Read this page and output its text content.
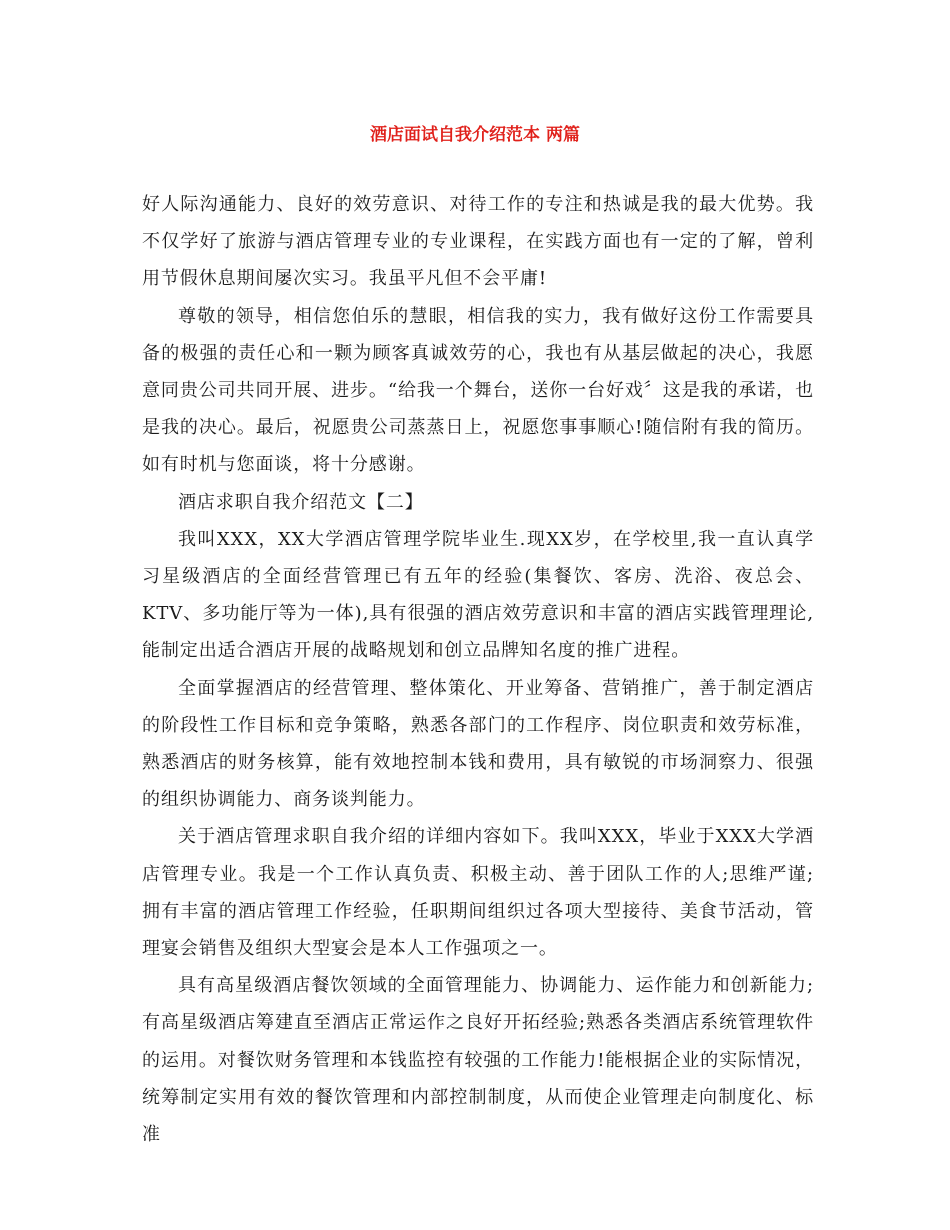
酒店面试自我介绍范本 两篇

好人际沟通能力、良好的效劳意识、对待工作的专注和热诚是我的最大优势。我不仅学好了旅游与酒店管理专业的专业课程，在实践方面也有一定的了解，曾利用节假休息期间屡次实习。我虽平凡但不会平庸!

尊敬的领导，相信您伯乐的慧眼，相信我的实力，我有做好这份工作需要具备的极强的责任心和一颗为顾客真诚效劳的心，我也有从基层做起的决心，我愿意同贵公司共同开展、进步。“给我一个舞台，送你一台好戏〞这是我的承诺，也是我的决心。最后，祝愿贵公司蒸蒸日上，祝愿您事事顺心!随信附有我的简历。如有时机与您面谈，将十分感谢。

酒店求职自我介绍范文【二】

我叫XXX，XX大学酒店管理学院毕业生.现XX岁，在学校里,我一直认真学习星级酒店的全面经营管理已有五年的经验(集餐饮、客房、洗浴、夜总会、KTV、多功能厅等为一体),具有很强的酒店效劳意识和丰富的酒店实践管理理论,能制定出适合酒店开展的战略规划和创立品牌知名度的推广进程。

全面掌握酒店的经营管理、整体策化、开业筹备、营销推广，善于制定酒店的阶段性工作目标和竞争策略，熟悉各部门的工作程序、岗位职责和效劳标准，熟悉酒店的财务核算，能有效地控制本钱和费用，具有敏锐的市场洞察力、很强的组织协调能力、商务谈判能力。

关于酒店管理求职自我介绍的详细内容如下。我叫XXX，毕业于XXX大学酒店管理专业。我是一个工作认真负责、积极主动、善于团队工作的人;思维严谨;拥有丰富的酒店管理工作经验，任职期间组织过各项大型接待、美食节活动，管理宴会销售及组织大型宴会是本人工作强项之一。

具有高星级酒店餐饮领域的全面管理能力、协调能力、运作能力和创新能力;有高星级酒店筹建直至酒店正常运作之良好开拓经验;熟悉各类酒店系统管理软件的运用。对餐饮财务管理和本钱监控有较强的工作能力!能根据企业的实际情况，统筹制定实用有效的餐饮管理和内部控制制度，从而使企业管理走向制度化、标准
